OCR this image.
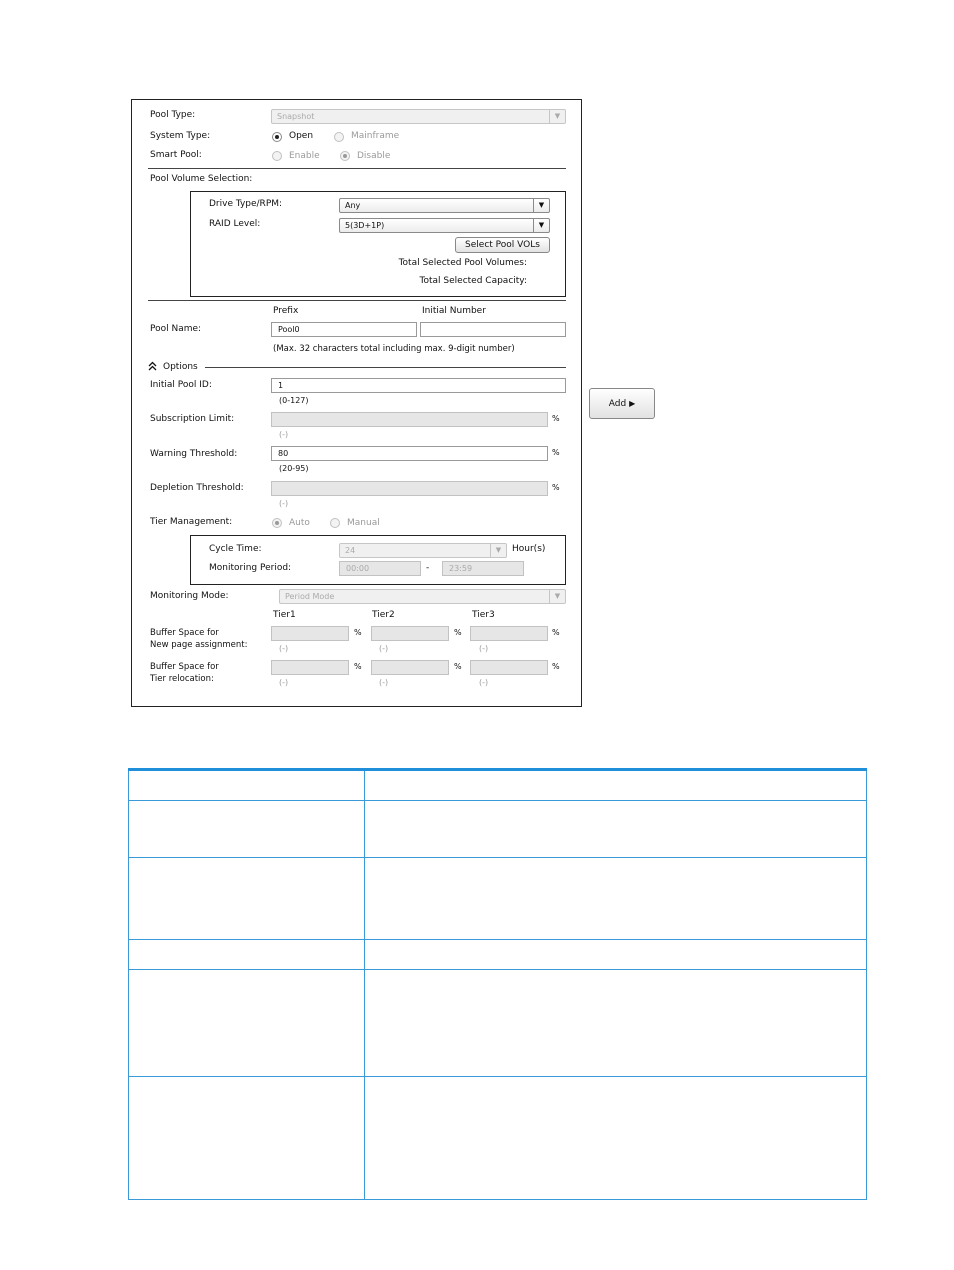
Pool Type:	Snapshot	▼
System Type:	Open	Mainframe
Smart Pool:	Enable	Disable
Pool Volume Selection:
Drive Type/RPM:	Any	▼
RAID Level:	5(3D+1P)	▼
Select Pool VOLs
Total Selected Pool Volumes:
Total Selected Capacity:
Prefix	Initial Number
Pool Name:	Pool0
(Max. 32 characters total including max. 9-digit number)
Options
Initial Pool ID:	1
(0-127)
Subscription Limit:	%
(-)
Warning Threshold:	80	%
(20-95)
Depletion Threshold:	%
(-)
Tier Management:	Auto	Manual
Cycle Time:	24	▼	Hour(s)
Monitoring Period:	00:00	-	23:59
Monitoring Mode:	Period Mode	▼
Tier1	Tier2	Tier3
Buffer Space for
New page assignment:
%	%	%
(-)	(-)	(-)
Buffer Space for
Tier relocation:
%	%	%
(-)	(-)	(-)
Add ▶
